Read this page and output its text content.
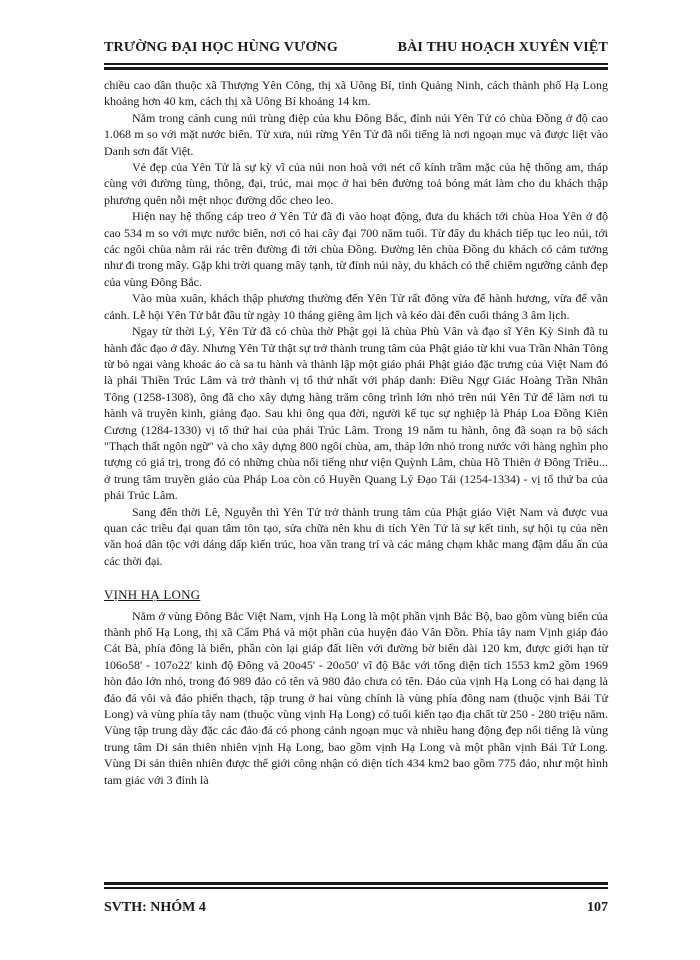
TRƯỜNG ĐẠI HỌC HÙNG VƯƠNG	BÀI THU HOẠCH XUYÊN VIỆT

chiều cao dần thuộc xã Thượng Yên Công, thị xã Uông Bí, tỉnh Quảng Ninh, cách thành phố Hạ Long khoảng hơn 40 km, cách thị xã Uông Bí khoảng 14 km.

Nằm trong cánh cung núi trùng điệp của khu Đông Bắc, đỉnh núi Yên Tử có chùa Đồng ở độ cao 1.068 m so với mặt nước biển. Từ xưa, núi rừng Yên Tử đã nổi tiếng là nơi ngoạn mục và được liệt vào Danh sơn đất Việt.

Vẻ đẹp của Yên Tử là sự kỳ vĩ của núi non hoà với nét cổ kính trầm mặc của hệ thống am, tháp cùng với đường tùng, thông, đại, trúc, mai mọc ở hai bên đường toả bóng mát làm cho du khách thập phương quên nỗi mệt nhọc đường dốc cheo leo.

Hiện nay hệ thống cáp treo ở Yên Tử đã đi vào hoạt động, đưa du khách tới chùa Hoa Yên ở độ cao 534 m so với mực nước biển, nơi có hai cây đại 700 năm tuổi. Từ đây du khách tiếp tục leo núi, tới các ngôi chùa nằm rải rác trên đường đi tới chùa Đồng. Đường lên chùa Đồng du khách có cảm tưởng như đi trong mây. Gặp khi trời quang mây tạnh, từ đỉnh núi này, du khách có thể chiêm ngưỡng cảnh đẹp của vùng Đông Bắc.

Vào mùa xuân, khách thập phương thường đến Yên Tử rất đông vừa để hành hương, vừa để vãn cảnh. Lễ hội Yên Tử bắt đầu từ ngày 10 tháng giêng âm lịch và kéo dài đến cuối tháng 3 âm lịch.

Ngay từ thời Lý, Yên Tử đã có chùa thờ Phật gọi là chùa Phù Vân và đạo sĩ Yên Kỳ Sinh đã tu hành đắc đạo ở đây. Nhưng Yên Tử thật sự trở thành trung tâm của Phật giáo từ khi vua Trần Nhân Tông từ bỏ ngai vàng khoác áo cà sa tu hành và thành lập một giáo phái Phật giáo đặc trưng của Việt Nam đó là phái Thiền Trúc Lâm và trở thành vị tổ thứ nhất với pháp danh: Điều Ngự Giác Hoàng Trần Nhân Tông (1258-1308), ông đã cho xây dựng hàng trăm công trình lớn nhỏ trên núi Yên Tử để làm nơi tu hành và truyền kinh, giảng đạo. Sau khi ông qua đời, người kế tục sự nghiệp là Pháp Loa Đồng Kiên Cương (1284-1330) vị tổ thứ hai của phái Trúc Lâm. Trong 19 năm tu hành, ông đã soạn ra bộ sách "Thạch thất ngôn ngữ" và cho xây dựng 800 ngôi chùa, am, tháp lớn nhỏ trong nước với hàng nghìn pho tượng có giá trị, trong đó có những chùa nổi tiếng như viện Quỳnh Lâm, chùa Hồ Thiên ở Đông Triều... ở trung tâm truyền giáo của Pháp Loa còn có Huyền Quang Lý Đạo Tái (1254-1334) - vị tổ thứ ba của phái Trúc Lâm.

Sang đến thời Lê, Nguyễn thì Yên Tử trở thành trung tâm của Phật giáo Việt Nam và được vua quan các triều đại quan tâm tôn tạo, sửa chữa nên khu di tích Yên Tử là sự kết tinh, sự hội tụ của nền văn hoá dân tộc với dáng dấp kiến trúc, hoa văn trang trí và các mảng chạm khắc mang đậm dấu ấn của các thời đại.

VỊNH HẠ LONG

Nằm ở vùng Đông Bắc Việt Nam, vịnh Hạ Long là một phần vịnh Bắc Bộ, bao gồm vùng biển của thành phố Hạ Long, thị xã Cẩm Phả và một phần của huyện đảo Vân Đồn. Phía tây nam Vịnh giáp đảo Cát Bà, phía đông là biển, phần còn lại giáp đất liền với đường bờ biển dài 120 km, được giới hạn từ 106o58' - 107o22' kinh độ Đông và 20o45' - 20o50' vĩ độ Bắc với tổng diện tích 1553 km2 gồm 1969 hòn đảo lớn nhỏ, trong đó 989 đảo có tên và 980 đảo chưa có tên. Đảo của vịnh Hạ Long có hai dạng là đảo đá vôi và đảo phiến thạch, tập trung ở hai vùng chính là vùng phía đông nam (thuộc vịnh Bái Tử Long) và vùng phía tây nam (thuộc vùng vịnh Hạ Long) có tuổi kiến tạo địa chất từ 250 - 280 triệu năm. Vùng tập trung dày đặc các đảo đá có phong cảnh ngoạn mục và nhiều hang động đẹp nổi tiếng là vùng trung tâm Di sản thiên nhiên vịnh Hạ Long, bao gồm vịnh Hạ Long và một phần vịnh Bái Tử Long. Vùng Di sản thiên nhiên được thế giới công nhận có diện tích 434 km2 bao gồm 775 đảo, như một hình tam giác với 3 đỉnh là

SVTH: NHÓM 4	107
